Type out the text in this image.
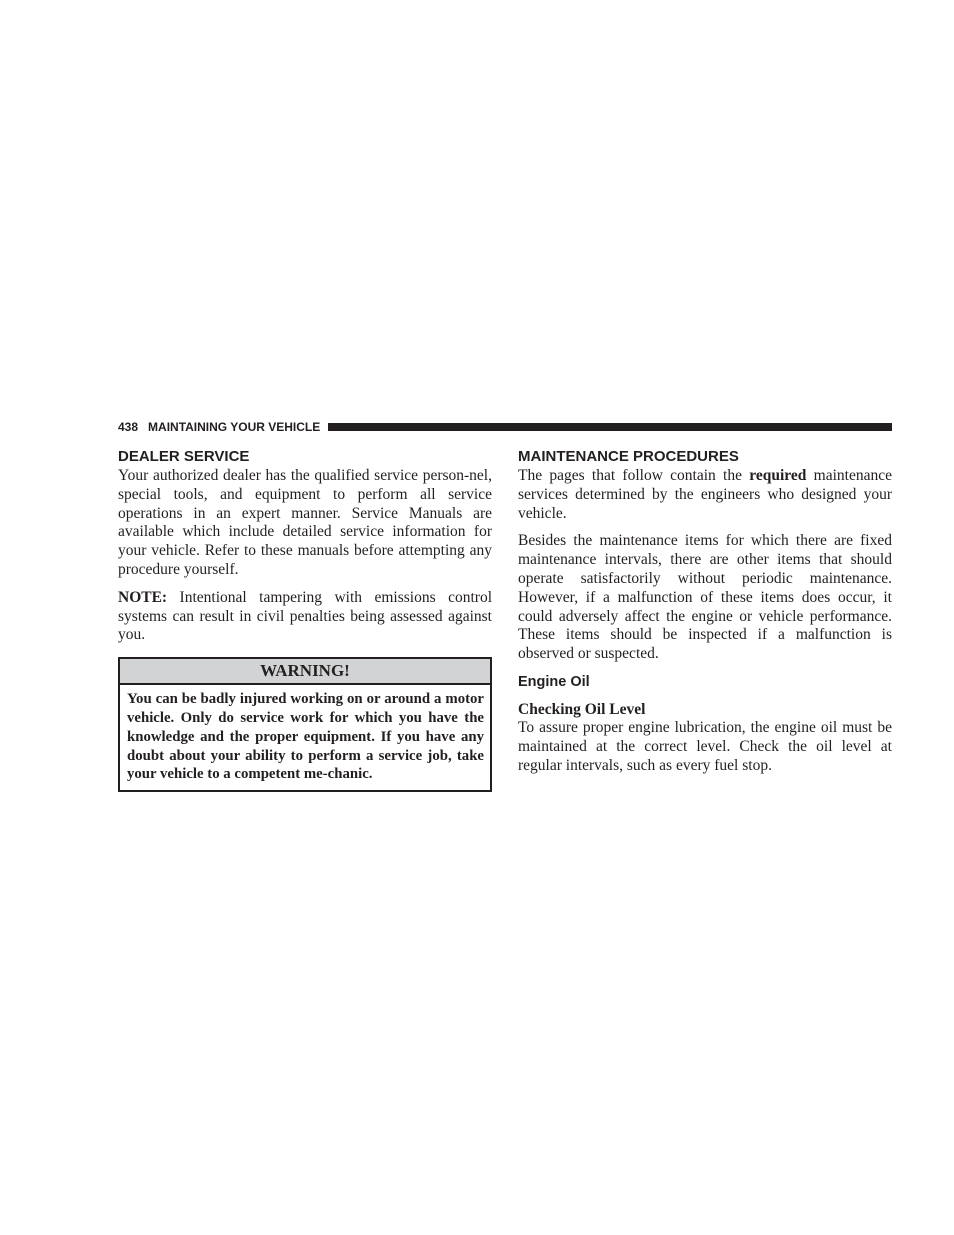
438 MAINTAINING YOUR VEHICLE
DEALER SERVICE

Your authorized dealer has the qualified service person-nel, special tools, and equipment to perform all service operations in an expert manner. Service Manuals are available which include detailed service information for your vehicle. Refer to these manuals before attempting any procedure yourself.

NOTE: Intentional tampering with emissions control systems can result in civil penalties being assessed against you.

WARNING!
You can be badly injured working on or around a motor vehicle. Only do service work for which you have the knowledge and the proper equipment. If you have any doubt about your ability to perform a service job, take your vehicle to a competent me-chanic.
MAINTENANCE PROCEDURES

The pages that follow contain the required maintenance services determined by the engineers who designed your vehicle.

Besides the maintenance items for which there are fixed maintenance intervals, there are other items that should operate satisfactorily without periodic maintenance. However, if a malfunction of these items does occur, it could adversely affect the engine or vehicle performance. These items should be inspected if a malfunction is observed or suspected.

Engine Oil
Checking Oil Level

To assure proper engine lubrication, the engine oil must be maintained at the correct level. Check the oil level at regular intervals, such as every fuel stop.
